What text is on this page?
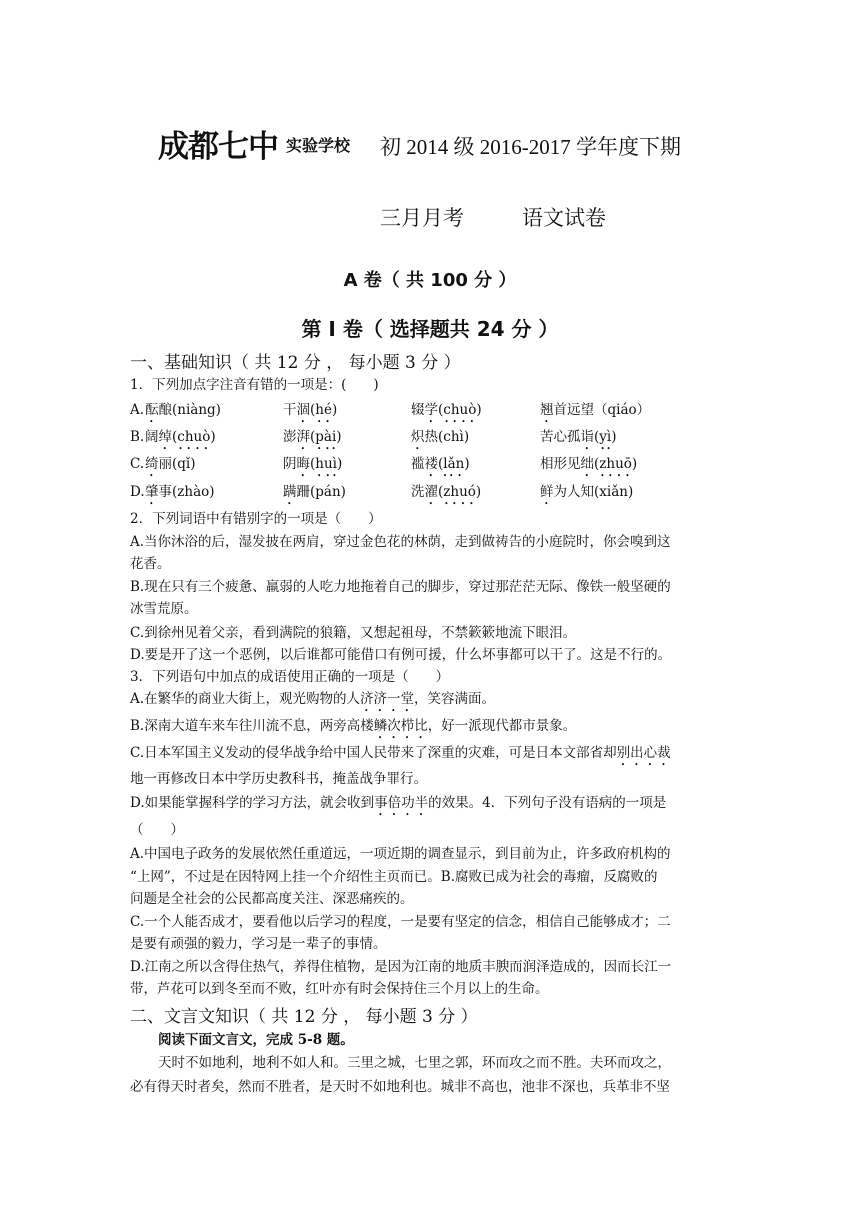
成都七中 实验学校 初 2014 级 2016-2017 学年度下期
三月月考	语文试卷
A 卷（ 共 100 分 ）
第 Ⅰ 卷（ 选择题共 24 分 ）
一、基础知识（ 共 12 分 ， 每小题 3 分 ）
1．下列加点字注音有错的一项是：(　　)
A. 酝酿(niàng)	干涸(hé)	辍学(chuò)	翘首远望（qiáo）
B. 阔绰(chuò)	澎湃(pài)	炽热(chì)	苦心孤诣(yì)
C. 绮丽(qǐ)	阴晦(huì)	褴褛(lǎn)	相形见绌(zhuō)
D. 肇事(zhào)	蹒跚(pán)	洗濯(zhuó)	鲜为人知(xiǎn)
2．下列词语中有错别字的一项是（　　）
A.当你沐浴的后，湿发披在两肩，穿过金色花的林荫，走到做祷告的小庭院时，你会嗅到这
花香。
B.现在只有三个疲惫、羸弱的人吃力地拖着自己的脚步，穿过那茫茫无际、像铁一般坚硬的
冰雪荒原。
C.到徐州见着父亲，看到满院的狼籍，又想起祖母，不禁簌簌地流下眼泪。
D.要是开了这一个恶例，以后谁都可能借口有例可援，什么坏事都可以干了。这是不行的。
3．下列语句中加点的成语使用正确的一项是（　　）
A.在繁华的商业大街上，观光购物的人济济一堂，笑容满面。
B.深南大道车来车往川流不息，两旁高楼鳞次栉比，好一派现代都市景象。
C.日本军国主义发动的侵华战争给中国人民带来了深重的灾难，可是日本文部省却别出心裁
地一再修改日本中学历史教科书，掩盖战争罪行。
D.如果能掌握科学的学习方法，就会收到事倍功半的效果。4．下列句子没有语病的一项是
（　　）
A.中国电子政务的发展依然任重道远，一项近期的调查显示，到目前为止，许多政府机构的
“上网”，不过是在因特网上挂一个介绍性主页而已。B.腐败已成为社会的毒瘤，反腐败的
问题是全社会的公民都高度关注、深恶痛疾的。
C.一个人能否成才，要看他以后学习的程度，一是要有坚定的信念，相信自己能够成才；二
是要有顽强的毅力，学习是一辈子的事情。
D.江南之所以含得住热气，养得住植物，是因为江南的地质丰腴而润泽造成的，因而长江一
带，芦花可以到冬至而不败，红叶亦有时会保持住三个月以上的生命。
二、文言文知识（ 共 12 分 ， 每小题 3 分 ）
阅读下面文言文，完成 5-8 题。
天时不如地利，地利不如人和。三里之城，七里之郭，环而攻之而不胜。夫环而攻之，
必有得天时者矣，然而不胜者，是天时不如地利也。城非不高也，池非不深也，兵革非不坚
